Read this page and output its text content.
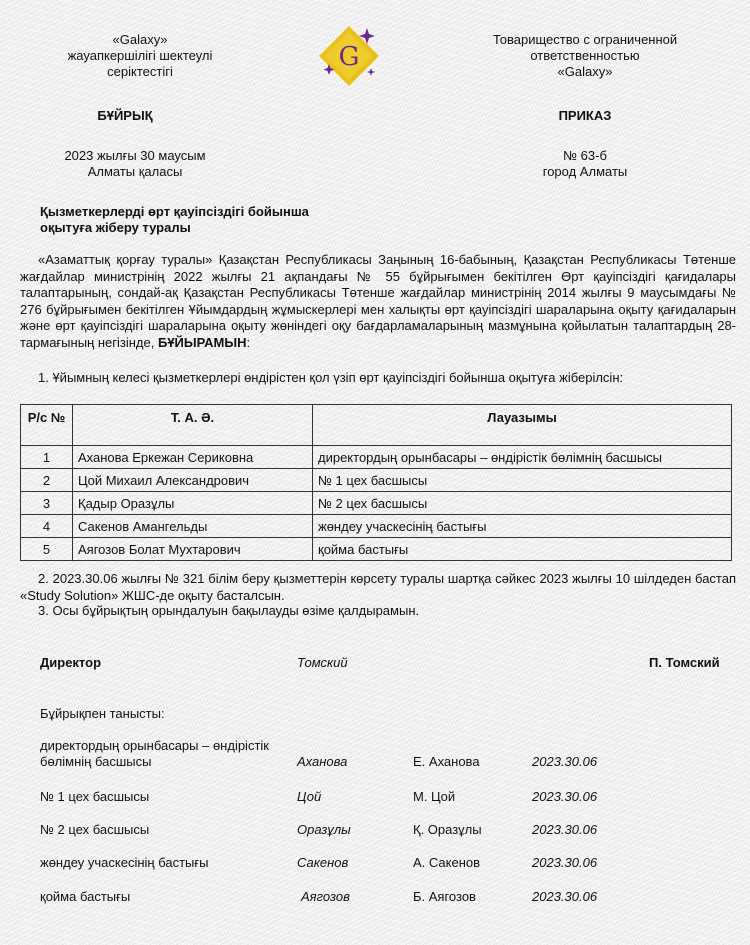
«Galaxy»
жауапкершілігі шектеулі
серіктестігі	G
Товарищество с ограниченной
ответственностью
«Galaxy»
БҰЙРЫҚ	ПРИКАЗ
2023 жылғы 30 маусым
Алматы қаласы
№ 63-б
город Алматы
Қызметкерлерді өрт қауіпсіздігі бойынша
оқытуға жіберу туралы
«Азаматтық қорғау туралы» Қазақстан Республикасы Заңының 16-бабының, Қазақстан Республикасы Төтенше жағдайлар министрінің 2022 жылғы 21 ақпандағы № 55 бұйрығымен бекітілген Өрт қауіпсіздігі қағидалары талаптарының, сондай-ақ Қазақстан Республикасы Төтенше жағдайлар министрінің 2014 жылғы 9 маусымдағы № 276 бұйрығымен бекітілген Ұйымдардың жұмыскерлері мен халықты өрт қауіпсіздігі шараларына оқыту қағидаларын және өрт қауіпсіздігі шараларына оқыту жөніндегі оқу бағдарламаларының мазмұнына қойылатын талаптардың 28-тармағының негізінде, БҰЙЫРАМЫН:
1. Ұйымның келесі қызметкерлері өндірістен қол үзіп өрт қауіпсіздігі бойынша оқытуға жіберілсін:
Р/с №	Т. А. Ә.	Лауазымы
1	Аханова Еркежан Сериковна	директордың орынбасары – өндірістік бөлімнің басшысы
2	Цой Михаил Александрович	№ 1 цех басшысы
3	Қадыр Оразұлы	№ 2 цех басшысы
4	Сакенов Амангельды	жөндеу учаскесінің бастығы
5	Аягозов Болат Мухтарович	қойма бастығы
2. 2023.30.06 жылғы № 321 білім беру қызметтерін көрсету туралы шартқа сәйкес 2023 жылғы 10 шілдеден бастап «Study Solution» ЖШС-де оқыту басталсын.
3. Осы бұйрықтың орындалуын бақылауды өзіме қалдырамын.
Директор	Томский	П. Томский
Бұйрықпен танысты:
директордың орынбасары – өндірістік бөлімнің басшысы	Аханова	Е. Аханова	2023.30.06
№ 1 цех басшысы	Цой	М. Цой	2023.30.06
№ 2 цех басшысы	Оразұлы	Қ. Оразұлы	2023.30.06
жөндеу учаскесінің бастығы	Сакенов	А. Сакенов	2023.30.06
қойма бастығы	Аягозов	Б. Аягозов	2023.30.06
